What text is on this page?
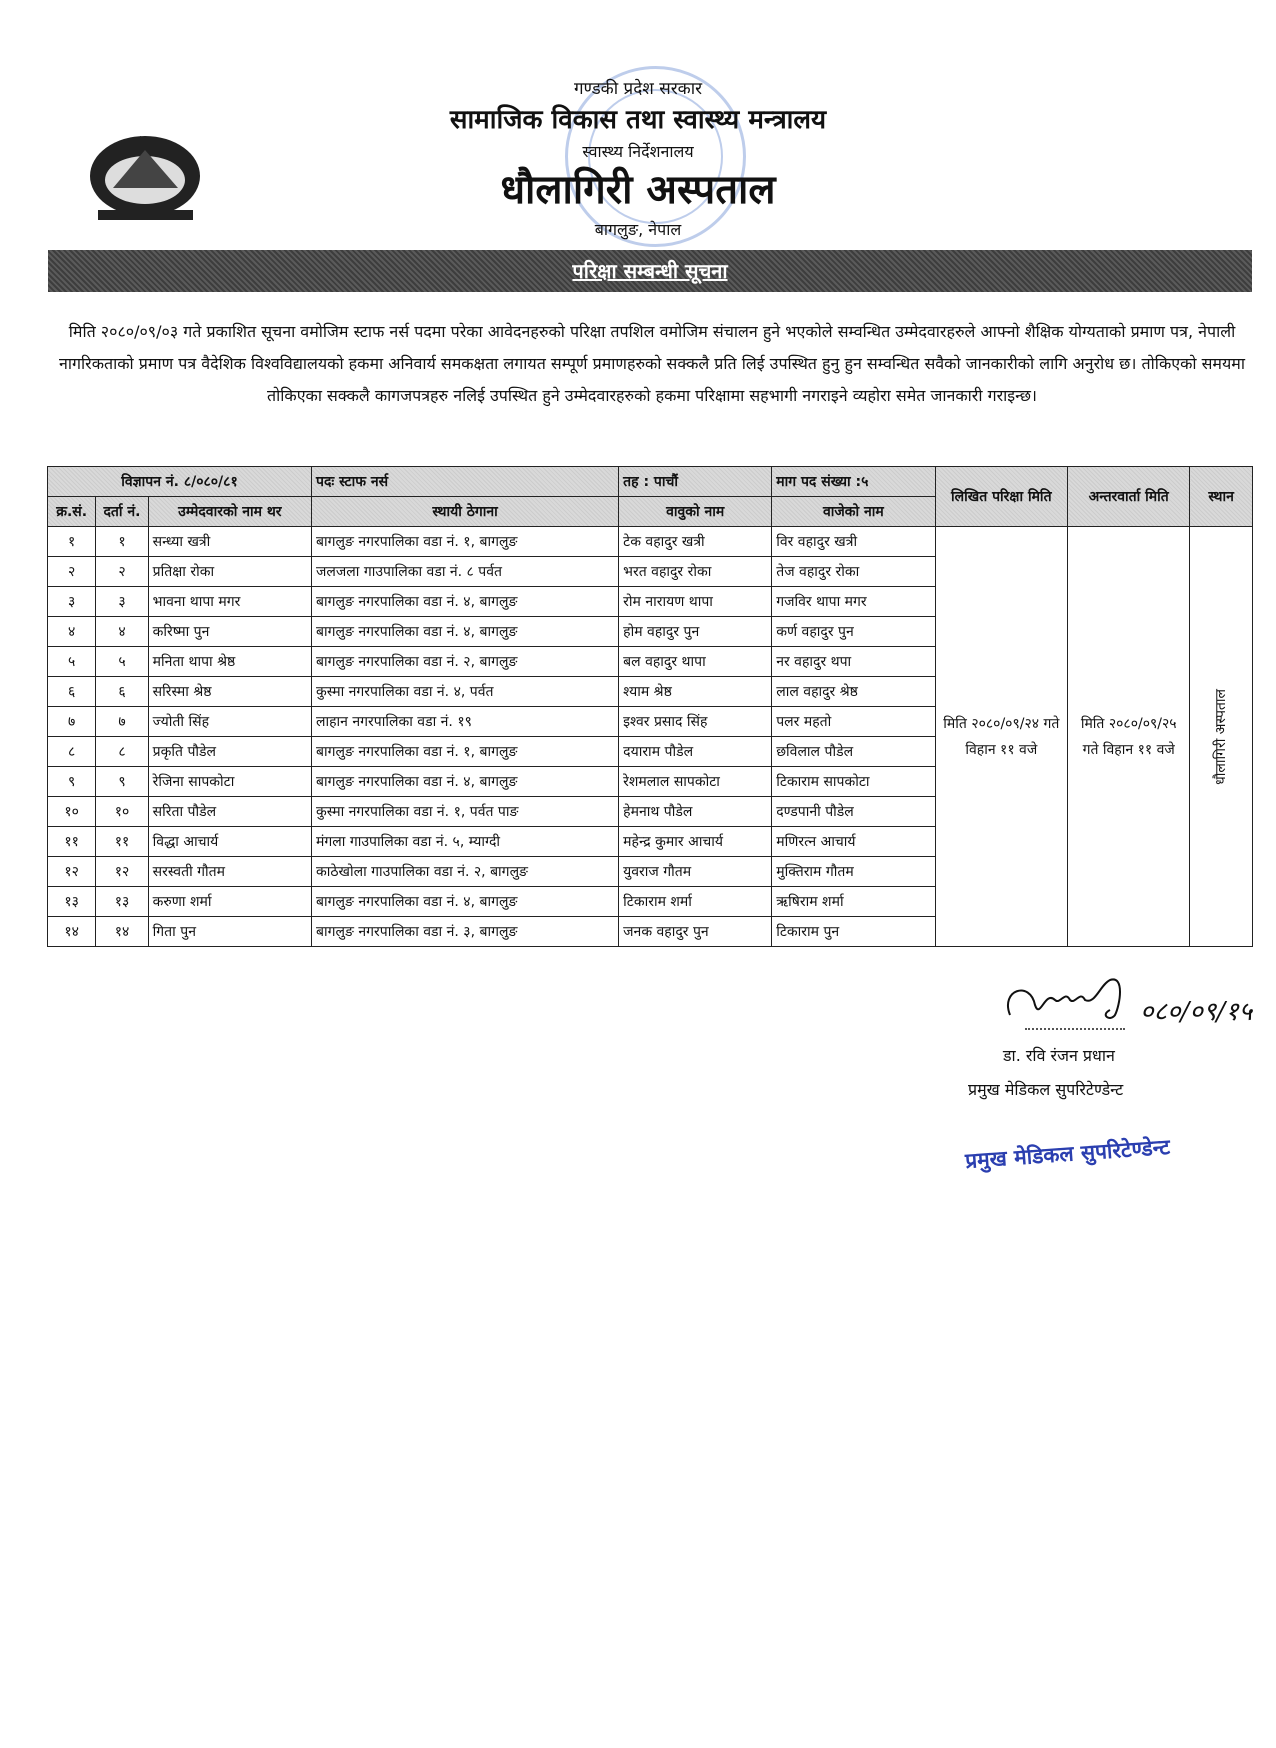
गण्डकी प्रदेश सरकार
सामाजिक विकास तथा स्वास्थ्य मन्त्रालय
स्वास्थ्य निर्देशनालय
धौलागिरी अस्पताल
बागलुङ, नेपाल
परिक्षा सम्बन्धी सूचना
मिति २०८०/०९/०३ गते प्रकाशित सूचना वमोजिम स्टाफ नर्स पदमा परेका आवेदनहरुको परिक्षा तपशिल वमोजिम संचालन हुने भएकोले सम्वन्धित उम्मेदवारहरुले आफ्नो शैक्षिक योग्यताको प्रमाण पत्र, नेपाली नागरिकताको प्रमाण पत्र वैदेशिक विश्वविद्यालयको हकमा अनिवार्य समकक्षता लगायत सम्पूर्ण प्रमाणहरुको सक्कलै प्रति लिई उपस्थित हुनु हुन सम्वन्धित सवैको जानकारीको लागि अनुरोध छ। तोकिएको समयमा तोकिएका सक्कलै कागजपत्रहरु नलिई उपस्थित हुने उम्मेदवारहरुको हकमा परिक्षामा सहभागी नगराइने व्यहोरा समेत जानकारी गराइन्छ।
विज्ञापन नं. ८/०८०/८१			पदः स्टाफ नर्स	तह : पाचौं	माग पद संख्या :५	लिखित परिक्षा मिति	अन्तरवार्ता मिति	स्थान
क्र.सं.	दर्ता नं.	उम्मेदवारको नाम थर	स्थायी ठेगाना	वावुको नाम	वाजेको नाम			
१	१	सन्ध्या खत्री	बागलुङ नगरपालिका वडा नं. १, बागलुङ	टेक वहादुर खत्री	विर वहादुर खत्री	मिति २०८०/०९/२४ गते विहान ११ वजे	मिति २०८०/०९/२५ गते विहान ११ वजे	धौलागिरी अस्पताल

२	२	प्रतिक्षा रोका	जलजला गाउपालिका वडा नं. ८ पर्वत	भरत वहादुर रोका	तेज वहादुर रोका			
३	३	भावना थापा मगर	बागलुङ नगरपालिका वडा नं. ४, बागलुङ	रोम नारायण थापा	गजविर थापा मगर			
४	४	करिष्मा पुन	बागलुङ नगरपालिका वडा नं. ४, बागलुङ	होम वहादुर पुन	कर्ण वहादुर पुन			
५	५	मनिता थापा श्रेष्ठ	बागलुङ नगरपालिका वडा नं. २, बागलुङ	बल वहादुर थापा	नर वहादुर थपा			
६	६	सरिस्मा श्रेष्ठ	कुस्मा नगरपालिका वडा नं. ४, पर्वत	श्याम श्रेष्ठ	लाल वहादुर श्रेष्ठ			
७	७	ज्योती सिंह	लाहान नगरपालिका वडा नं. १९	इश्वर प्रसाद सिंह	पलर महतो			
८	८	प्रकृति पौडेल	बागलुङ नगरपालिका वडा नं. १, बागलुङ	दयाराम पौडेल	छविलाल पौडेल			
९	९	रेजिना सापकोटा	बागलुङ नगरपालिका वडा नं. ४, बागलुङ	रेशमलाल सापकोटा	टिकाराम सापकोटा			
१०	१०	सरिता पौडेल	कुस्मा नगरपालिका वडा नं. १, पर्वत पाङ	हेमनाथ पौडेल	दण्डपानी पौडेल			
११	११	विद्धा आचार्य	मंगला गाउपालिका वडा नं. ५, म्याग्दी	महेन्द्र कुमार आचार्य	मणिरत्न आचार्य			
१२	१२	सरस्वती गौतम	काठेखोला गाउपालिका वडा नं. २, बागलुङ	युवराज गौतम	मुक्तिराम गौतम			
१३	१३	करुणा शर्मा	बागलुङ नगरपालिका वडा नं. ४, बागलुङ	टिकाराम शर्मा	ऋषिराम शर्मा			
१४	१४	गिता पुन	बागलुङ नगरपालिका वडा नं. ३, बागलुङ	जनक वहादुर पुन	टिकाराम पुन			
०८०/०९/१५
डा. रवि रंजन प्रधान
प्रमुख मेडिकल सुपरिटेण्डेन्ट
प्रमुख मेडिकल सुपरिटेण्डेन्ट
